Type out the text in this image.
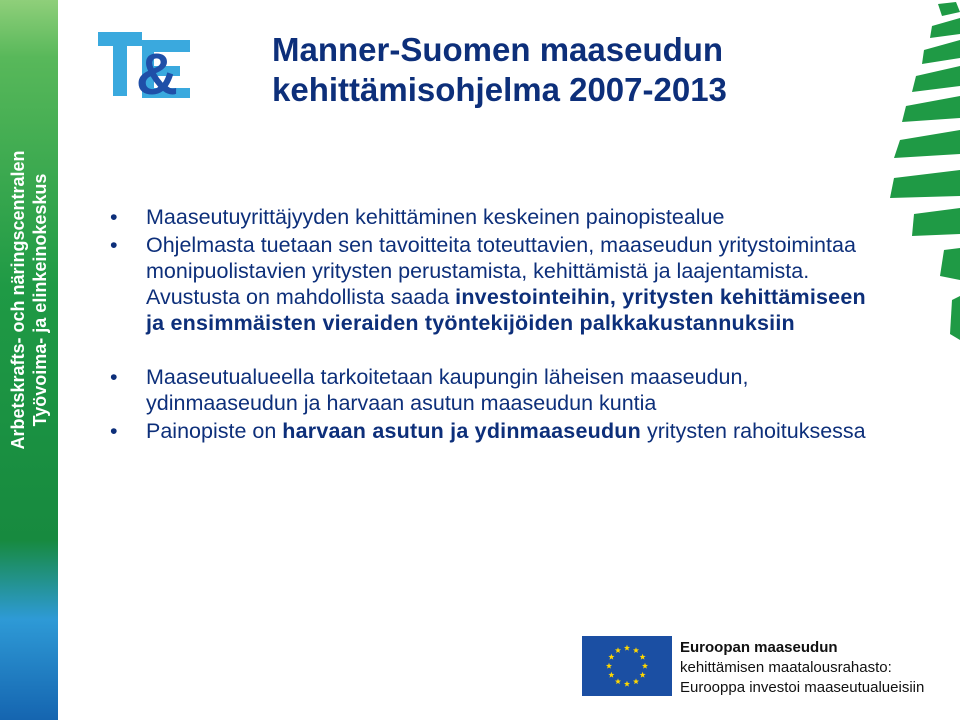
Arbetskrafts- och näringscentralen Työvoima- ja elinkeinokeskus
&	Manner-Suomen maaseudun
kehittämisohjelma 2007-2013
• Maaseutuyrittäjyyden kehittäminen keskeinen painopistealue
• Ohjelmasta tuetaan sen tavoitteita toteuttavien, maaseudun yritystoimintaa monipuolistavien yritysten perustamista, kehittämistä ja laajentamista. Avustusta on mahdollista saada investointeihin, yritysten kehittämiseen ja ensimmäisten vieraiden työntekijöiden palkkakustannuksiin
• Maaseutualueella tarkoitetaan kaupungin läheisen maaseudun, ydinmaaseudun ja harvaan asutun maaseudun kuntia
• Painopiste on harvaan asutun ja ydinmaaseudun yritysten rahoituksessa
Euroopan maaseudun
kehittämisen maatalousrahasto:
Eurooppa investoi maaseutualueisiin
